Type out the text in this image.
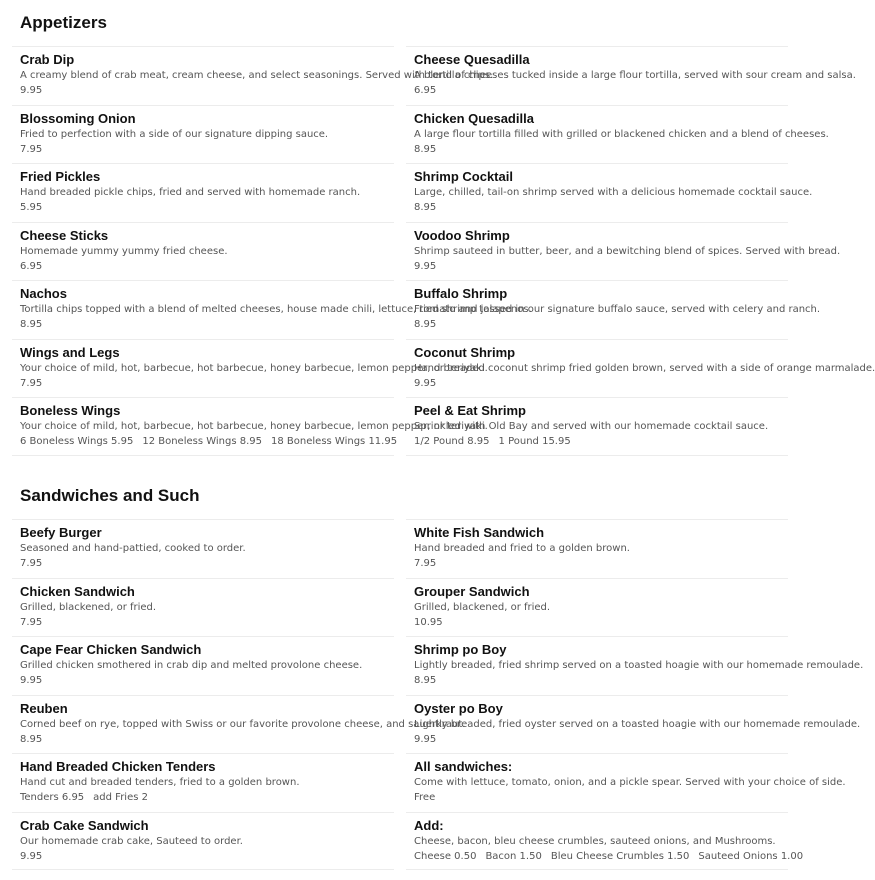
Appetizers
Crab Dip
A creamy blend of crab meat, cream cheese, and select seasonings. Served with tortilla chips.
9.95
Cheese Quesadilla
A blend of cheeses tucked inside a large flour tortilla, served with sour cream and salsa.
6.95
Blossoming Onion
Fried to perfection with a side of our signature dipping sauce.
7.95
Chicken Quesadilla
A large flour tortilla filled with grilled or blackened chicken and a blend of cheeses.
8.95
Fried Pickles
Hand breaded pickle chips, fried and served with homemade ranch.
5.95
Shrimp Cocktail
Large, chilled, tail-on shrimp served with a delicious homemade cocktail sauce.
8.95
Cheese Sticks
Homemade yummy yummy fried cheese.
6.95
Voodoo Shrimp
Shrimp sauteed in butter, beer, and a bewitching blend of spices. Served with bread.
9.95
Nachos
Tortilla chips topped with a blend of melted cheeses, house made chili, lettuce, tomato and jalapenos.
8.95
Buffalo Shrimp
Fried shrimp tossed in our signature buffalo sauce, served with celery and ranch.
8.95
Wings and Legs
Your choice of mild, hot, barbecue, hot barbecue, honey barbecue, lemon pepper, or teriyaki.
7.95
Coconut Shrimp
Hand breaded coconut shrimp fried golden brown, served with a side of orange marmalade.
9.95
Boneless Wings
Your choice of mild, hot, barbecue, hot barbecue, honey barbecue, lemon pepper, or teriyaki.
6 Boneless Wings 5.95 12 Boneless Wings 8.95 18 Boneless Wings 11.95
Peel & Eat Shrimp
Sprinkled with Old Bay and served with our homemade cocktail sauce.
1/2 Pound 8.95 1 Pound 15.95
Sandwiches and Such
Beefy Burger
Seasoned and hand-pattied, cooked to order.
7.95
White Fish Sandwich
Hand breaded and fried to a golden brown.
7.95
Chicken Sandwich
Grilled, blackened, or fried.
7.95
Grouper Sandwich
Grilled, blackened, or fried.
10.95
Cape Fear Chicken Sandwich
Grilled chicken smothered in crab dip and melted provolone cheese.
9.95
Shrimp po Boy
Lightly breaded, fried shrimp served on a toasted hoagie with our homemade remoulade.
8.95
Reuben
Corned beef on rye, topped with Swiss or our favorite provolone cheese, and sauerkraut.
8.95
Oyster po Boy
Lightly breaded, fried oyster served on a toasted hoagie with our homemade remoulade.
9.95
Hand Breaded Chicken Tenders
Hand cut and breaded tenders, fried to a golden brown.
Tenders 6.95 add Fries 2
All sandwiches:
Come with lettuce, tomato, onion, and a pickle spear. Served with your choice of side.
Free
Crab Cake Sandwich
Our homemade crab cake, Sauteed to order.
9.95
Add:
Cheese, bacon, bleu cheese crumbles, sauteed onions, and Mushrooms.
Cheese 0.50 Bacon 1.50 Bleu Cheese Crumbles 1.50 Sauteed Onions 1.00
